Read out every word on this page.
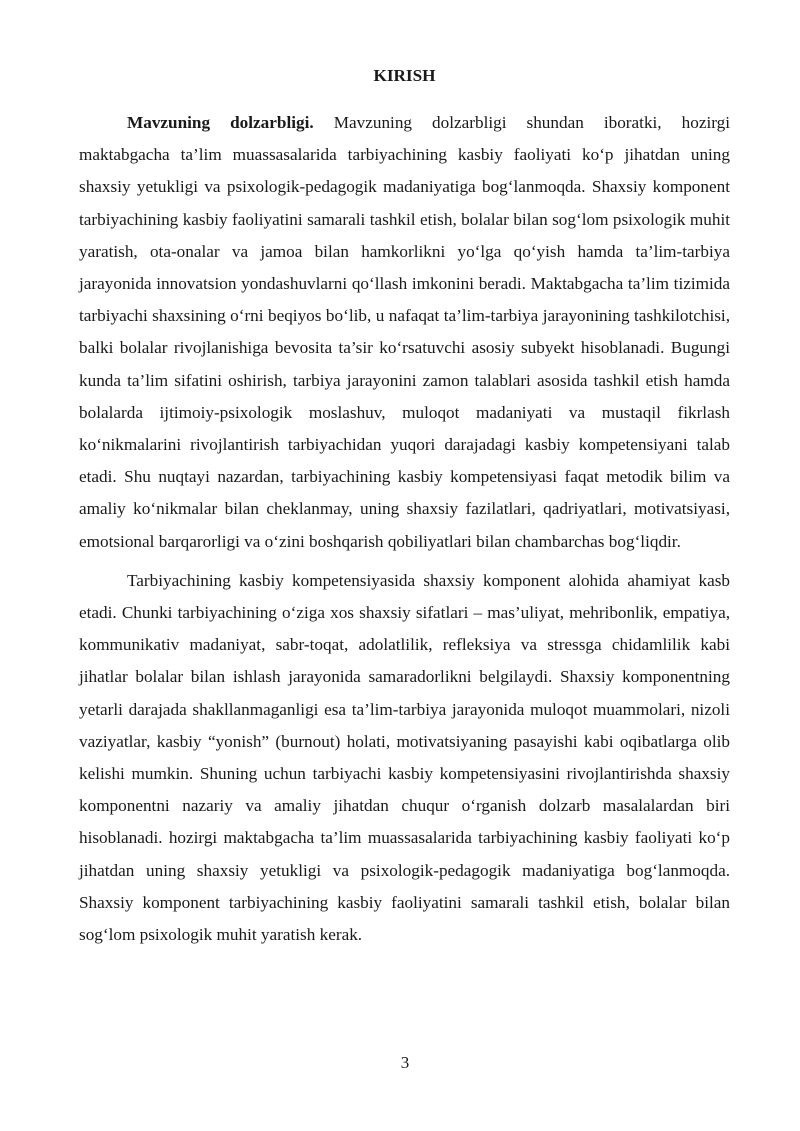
KIRISH

Mavzuning dolzarbligi. Mavzuning dolzarbligi shundan iboratki, hozirgi maktabgacha ta’lim muassasalarida tarbiyachining kasbiy faoliyati ko‘p jihatdan uning shaxsiy yetukligi va psixologik-pedagogik madaniyatiga bog‘lanmoqda. Shaxsiy komponent tarbiyachining kasbiy faoliyatini samarali tashkil etish, bolalar bilan sog‘lom psixologik muhit yaratish, ota-onalar va jamoa bilan hamkorlikni yo‘lga qo‘yish hamda ta’lim-tarbiya jarayonida innovatsion yondashuvlarni qo‘llash imkonini beradi. Maktabgacha ta’lim tizimida tarbiyachi shaxsining o‘rni beqiyos bo‘lib, u nafaqat ta’lim-tarbiya jarayonining tashkilotchisi, balki bolalar rivojlanishiga bevosita ta’sir ko‘rsatuvchi asosiy subyekt hisoblanadi. Bugungi kunda ta’lim sifatini oshirish, tarbiya jarayonini zamon talablari asosida tashkil etish hamda bolalarda ijtimoiy-psixologik moslashuv, muloqot madaniyati va mustaqil fikrlash ko‘nikmalarini rivojlantirish tarbiyachidan yuqori darajadagi kasbiy kompetensiyani talab etadi. Shu nuqtayi nazardan, tarbiyachining kasbiy kompetensiyasi faqat metodik bilim va amaliy ko‘nikmalar bilan cheklanmay, uning shaxsiy fazilatlari, qadriyatlari, motivatsiyasi, emotsional barqarorligi va o‘zini boshqarish qobiliyatlari bilan chambarchas bog‘liqdir.

Tarbiyachining kasbiy kompetensiyasida shaxsiy komponent alohida ahamiyat kasb etadi. Chunki tarbiyachining o‘ziga xos shaxsiy sifatlari – mas’uliyat, mehribonlik, empatiya, kommunikativ madaniyat, sabr-toqat, adolatlilik, refleksiya va stressga chidamlilik kabi jihatlar bolalar bilan ishlash jarayonida samaradorlikni belgilaydi. Shaxsiy komponentning yetarli darajada shakllanmaganligi esa ta’lim-tarbiya jarayonida muloqot muammolari, nizoli vaziyatlar, kasbiy “yonish” (burnout) holati, motivatsiyaning pasayishi kabi oqibatlarga olib kelishi mumkin. Shuning uchun tarbiyachi kasbiy kompetensiyasini rivojlantirishda shaxsiy komponentni nazariy va amaliy jihatdan chuqur o‘rganish dolzarb masalalardan biri hisoblanadi. hozirgi maktabgacha ta’lim muassasalarida tarbiyachining kasbiy faoliyati ko‘p jihatdan uning shaxsiy yetukligi va psixologik-pedagogik madaniyatiga bog‘lanmoqda. Shaxsiy komponent tarbiyachining kasbiy faoliyatini samarali tashkil etish, bolalar bilan sog‘lom psixologik muhit yaratish kerak.

3
